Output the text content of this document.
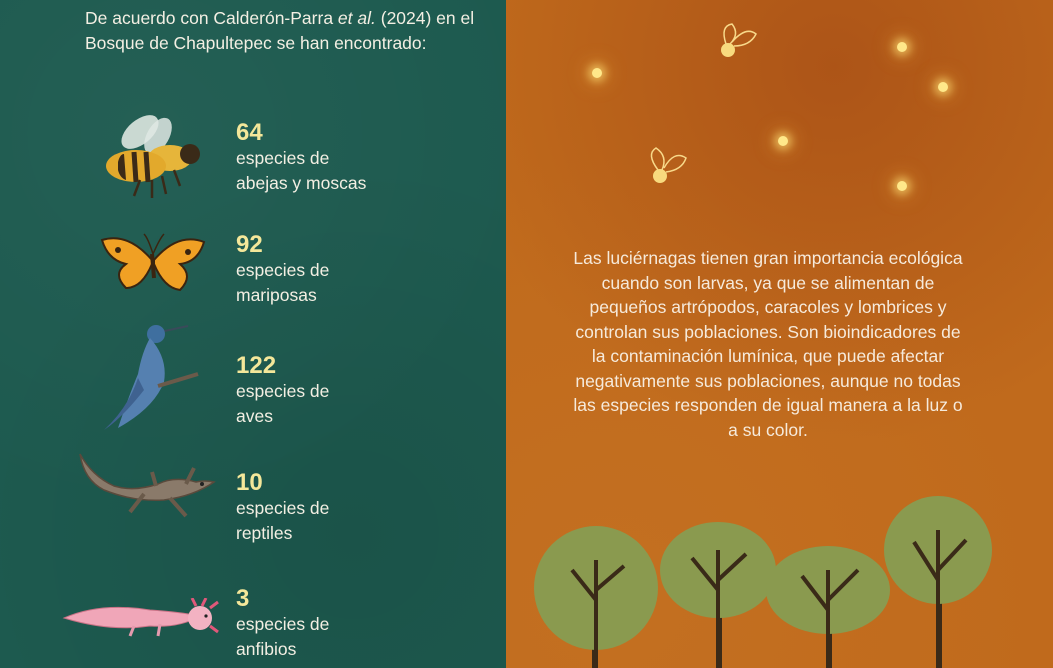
De acuerdo con Calderón-Parra et al. (2024) en el Bosque de Chapultepec se han encontrado:

64
especies de
abejas y moscas
92
especies de
mariposas
122
especies de
aves
10
especies de
reptiles
3
especies de
anfibios

Las luciérnagas tienen gran importancia ecológica cuando son larvas, ya que se alimentan de pequeños artrópodos, caracoles y lombrices y controlan sus poblaciones. Son bioindicadores de la contaminación lumínica, que puede afectar negativamente sus poblaciones, aunque no todas las especies responden de igual manera a la luz o a su color.
